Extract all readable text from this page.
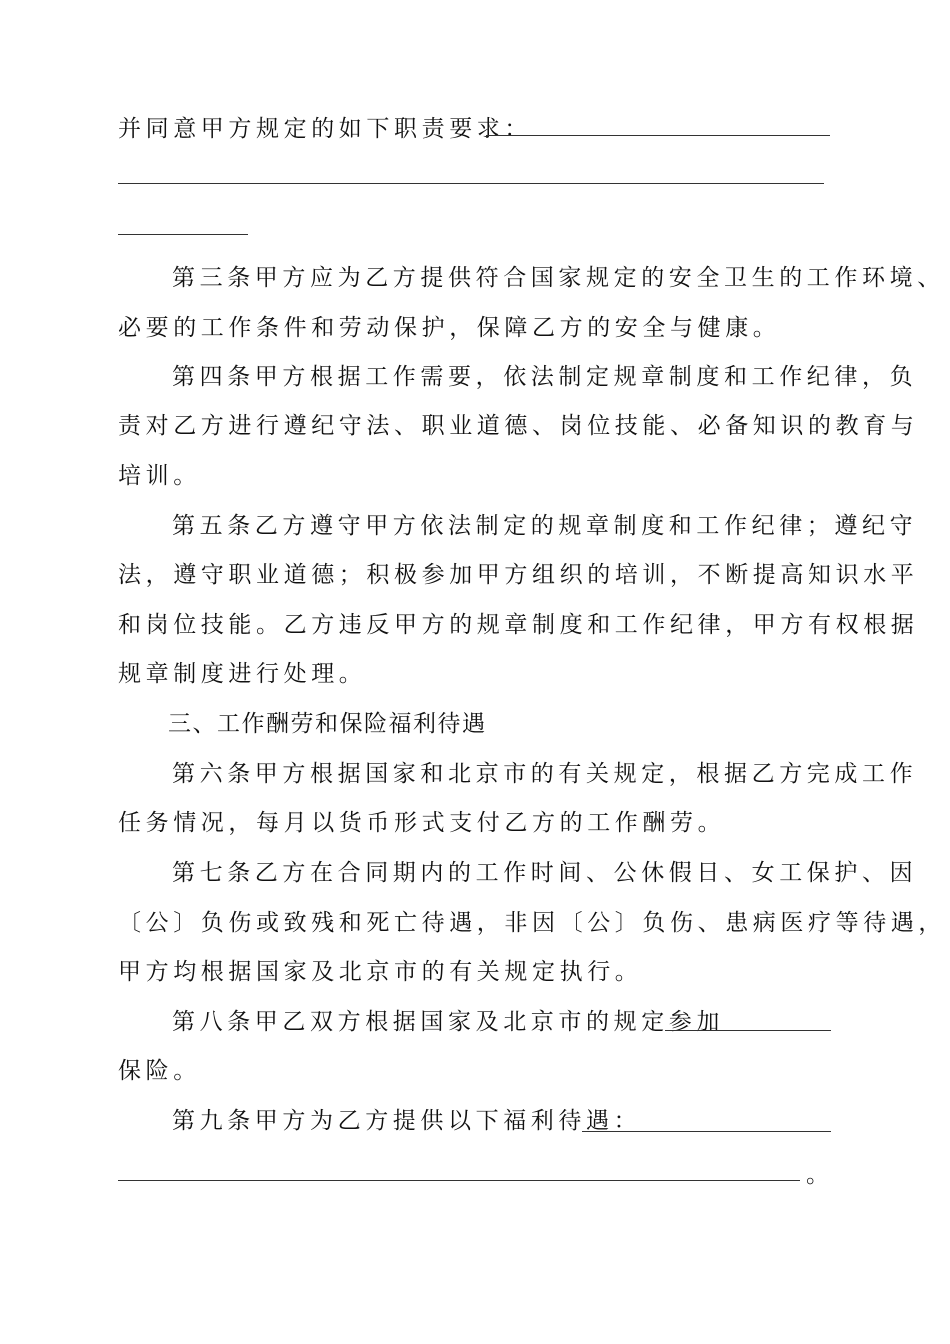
并同意甲方规定的如下职责要求：
第三条甲方应为乙方提供符合国家规定的安全卫生的工作环境、
必要的工作条件和劳动保护，保障乙方的安全与健康。
第四条甲方根据工作需要，依法制定规章制度和工作纪律，负
责对乙方进行遵纪守法、职业道德、岗位技能、必备知识的教育与
培训。
第五条乙方遵守甲方依法制定的规章制度和工作纪律；遵纪守
法，遵守职业道德；积极参加甲方组织的培训，不断提高知识水平
和岗位技能。乙方违反甲方的规章制度和工作纪律，甲方有权根据
规章制度进行处理。
三、工作酬劳和保险福利待遇
第六条甲方根据国家和北京市的有关规定，根据乙方完成工作
任务情况，每月以货币形式支付乙方的工作酬劳。
第七条乙方在合同期内的工作时间、公休假日、女工保护、因
〔公〕负伤或致残和死亡待遇，非因〔公〕负伤、患病医疗等待遇，
甲方均根据国家及北京市的有关规定执行。
第八条甲乙双方根据国家及北京市的规定参加
保险。
第九条甲方为乙方提供以下福利待遇：
。
